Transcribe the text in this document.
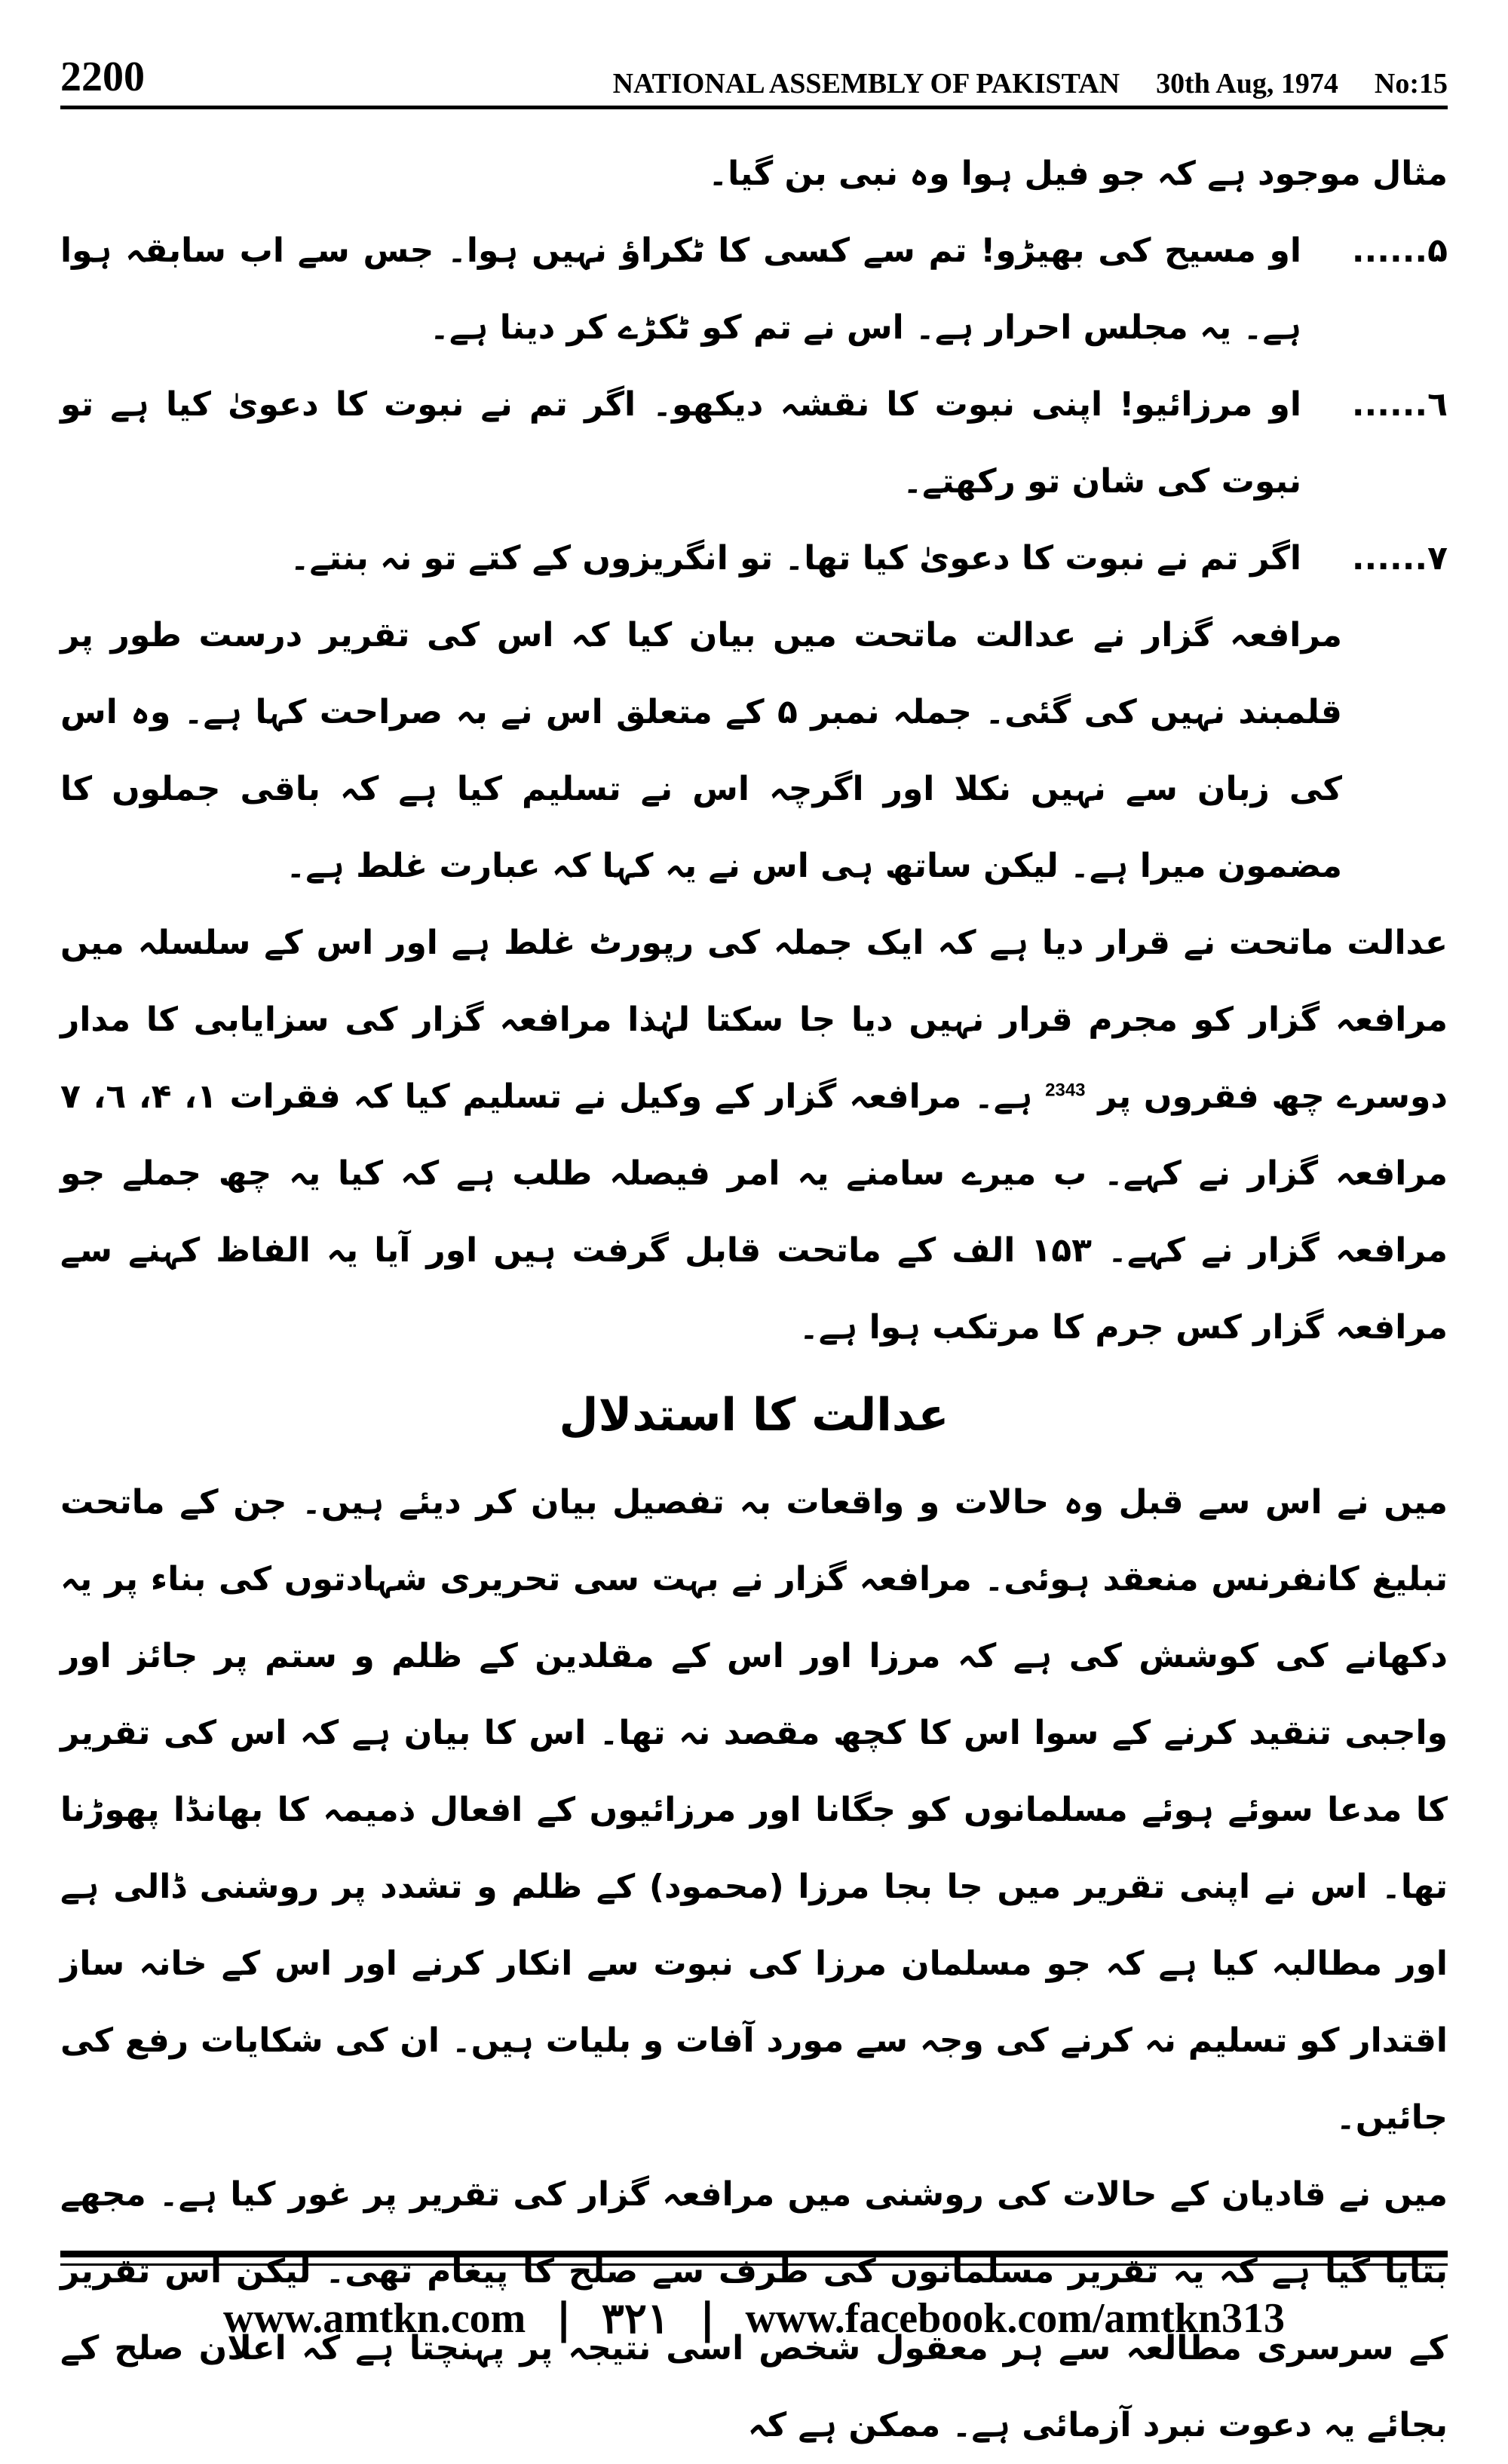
2200	NATIONAL ASSEMBLY OF PAKISTAN 30th Aug, 1974 No:15

مثال موجود ہے کہ جو فیل ہوا وہ نبی بن گیا۔

۵......
او مسیح کی بھیڑو! تم سے کسی کا ٹکراؤ نہیں ہوا۔ جس سے اب سابقہ ہوا ہے۔ یہ مجلس احرار ہے۔ اس نے تم کو ٹکڑے کر دینا ہے۔
٦......
او مرزائیو! اپنی نبوت کا نقشہ دیکھو۔ اگر تم نے نبوت کا دعویٰ کیا ہے تو نبوت کی شان تو رکھتے۔
۷......
اگر تم نے نبوت کا دعویٰ کیا تھا۔ تو انگریزوں کے کتے تو نہ بنتے۔

مرافعہ گزار نے عدالت ماتحت میں بیان کیا کہ اس کی تقریر درست طور پر قلمبند نہیں کی گئی۔ جملہ نمبر ۵ کے متعلق اس نے بہ صراحت کہا ہے۔ وہ اس کی زبان سے نہیں نکلا اور اگرچہ اس نے تسلیم کیا ہے کہ باقی جملوں کا مضمون میرا ہے۔ لیکن ساتھ ہی اس نے یہ کہا کہ عبارت غلط ہے۔

عدالت ماتحت نے قرار دیا ہے کہ ایک جملہ کی رپورٹ غلط ہے اور اس کے سلسلہ میں مرافعہ گزار کو مجرم قرار نہیں دیا جا سکتا لہٰذا مرافعہ گزار کی سزایابی کا مدار دوسرے چھ فقروں پر $^{2343}$ ہے۔ مرافعہ گزار کے وکیل نے تسلیم کیا کہ فقرات ۱، ۴، ٦، ۷ مرافعہ گزار نے کہے۔ ب میرے سامنے یہ امر فیصلہ طلب ہے کہ کیا یہ چھ جملے جو مرافعہ گزار نے کہے۔ ۱۵۳ الف کے ماتحت قابل گرفت ہیں اور آیا یہ الفاظ کہنے سے مرافعہ گزار کس جرم کا مرتکب ہوا ہے۔

عدالت کا استدلال

میں نے اس سے قبل وہ حالات و واقعات بہ تفصیل بیان کر دیئے ہیں۔ جن کے ماتحت تبلیغ کانفرنس منعقد ہوئی۔ مرافعہ گزار نے بہت سی تحریری شہادتوں کی بناء پر یہ دکھانے کی کوشش کی ہے کہ مرزا اور اس کے مقلدین کے ظلم و ستم پر جائز اور واجبی تنقید کرنے کے سوا اس کا کچھ مقصد نہ تھا۔ اس کا بیان ہے کہ اس کی تقریر کا مدعا سوئے ہوئے مسلمانوں کو جگانا اور مرزائیوں کے افعال ذمیمہ کا بھانڈا پھوڑنا تھا۔ اس نے اپنی تقریر میں جا بجا مرزا (محمود) کے ظلم و تشدد پر روشنی ڈالی ہے اور مطالبہ کیا ہے کہ جو مسلمان مرزا کی نبوت سے انکار کرنے اور اس کے خانہ ساز اقتدار کو تسلیم نہ کرنے کی وجہ سے مورد آفات و بلیات ہیں۔ ان کی شکایات رفع کی جائیں۔

میں نے قادیان کے حالات کی روشنی میں مرافعہ گزار کی تقریر پر غور کیا ہے۔ مجھے بتایا گیا ہے کہ یہ تقریر مسلمانوں کی طرف سے صلح کا پیغام تھی۔ لیکن اس تقریر کے سرسری مطالعہ سے ہر معقول شخص اسی نتیجہ پر پہنچتا ہے کہ اعلان صلح کے بجائے یہ دعوت نبرد آزمائی ہے۔ ممکن ہے کہ

www.amtkn.com | ۳۲۱ | www.facebook.com/amtkn313
